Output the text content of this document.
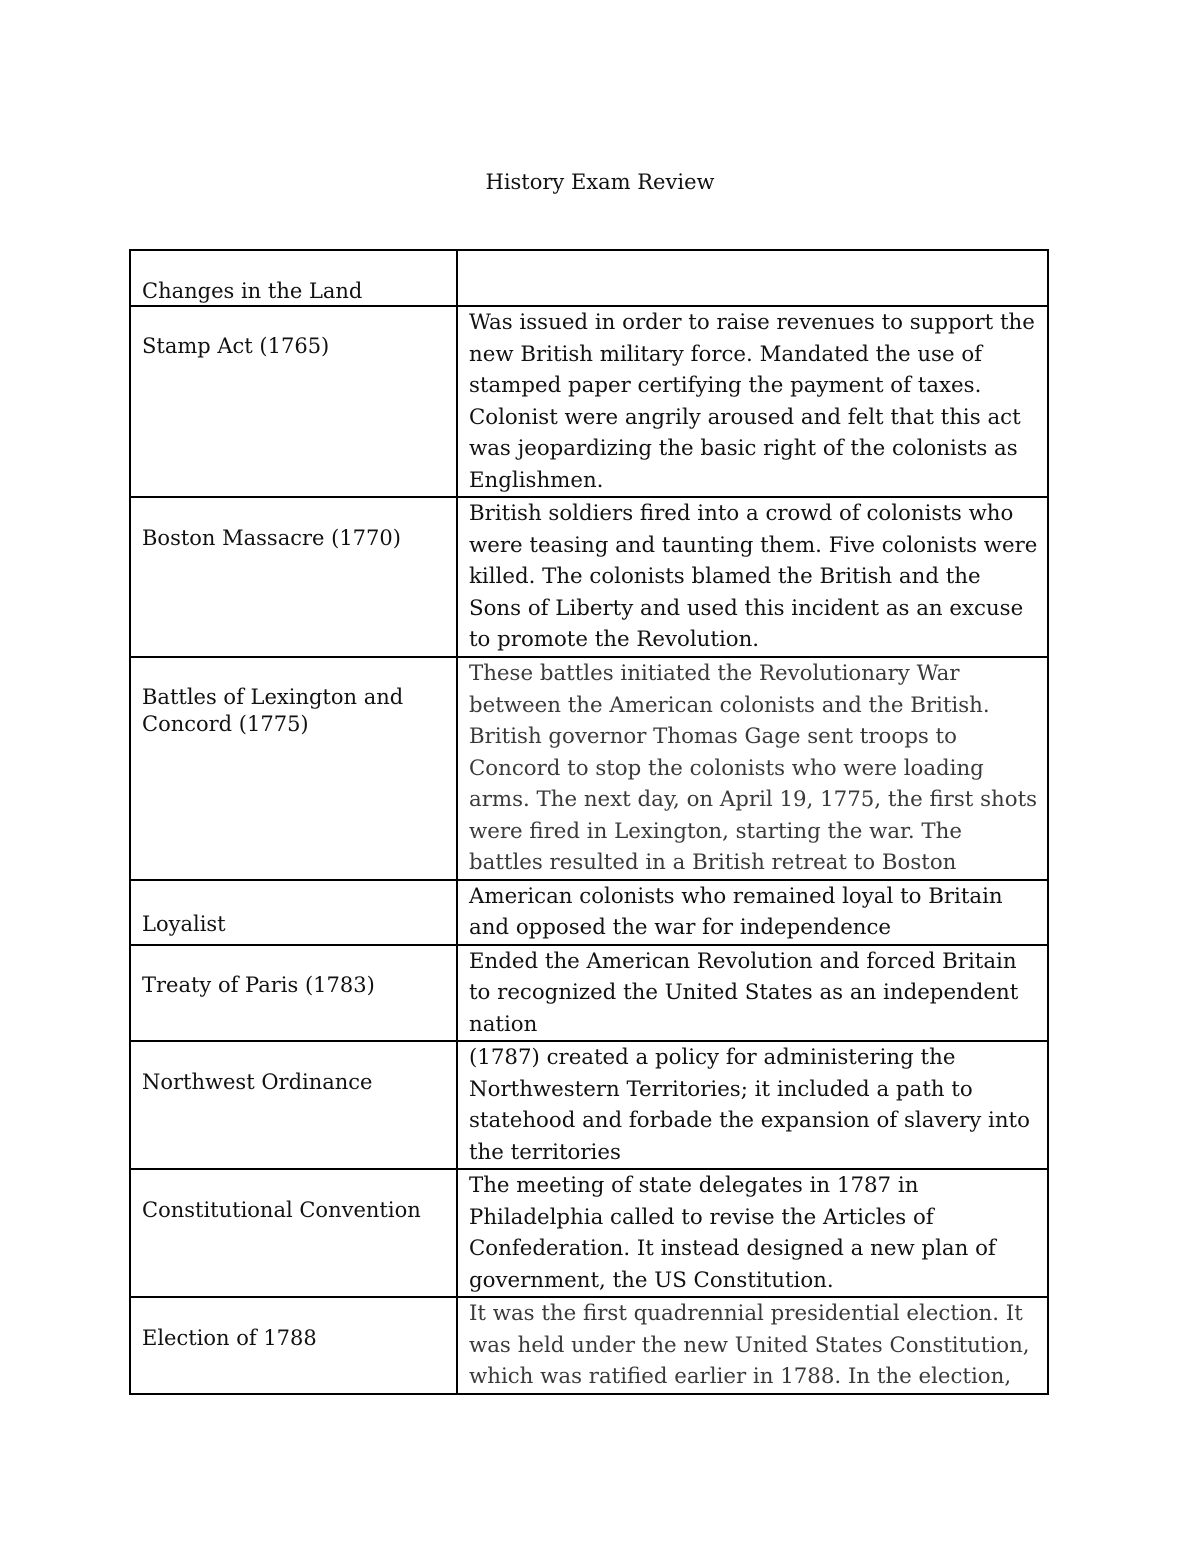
History Exam Review
Changes in the Land	
Stamp Act (1765)	Was issued in order to raise revenues to support the new British military force. Mandated the use of stamped paper certifying the payment of taxes. Colonist were angrily aroused and felt that this act was jeopardizing the basic right of the colonists as Englishmen.
Boston Massacre (1770)	British soldiers fired into a crowd of colonists who were teasing and taunting them. Five colonists were killed. The colonists blamed the British and the Sons of Liberty and used this incident as an excuse to promote the Revolution.
Battles of Lexington and Concord (1775)	These battles initiated the Revolutionary War between the American colonists and the British. British governor Thomas Gage sent troops to Concord to stop the colonists who were loading arms. The next day, on April 19, 1775, the first shots were fired in Lexington, starting the war. The battles resulted in a British retreat to Boston
Loyalist	American colonists who remained loyal to Britain and opposed the war for independence
Treaty of Paris (1783)	Ended the American Revolution and forced Britain to recognized the United States as an independent nation
Northwest Ordinance	(1787) created a policy for administering the Northwestern Territories; it included a path to statehood and forbade the expansion of slavery into the territories
Constitutional Convention	The meeting of state delegates in 1787 in Philadelphia called to revise the Articles of Confederation. It instead designed a new plan of government, the US Constitution.
Election of 1788	It was the first quadrennial presidential election. It was held under the new United States Constitution, which was ratified earlier in 1788. In the election,
